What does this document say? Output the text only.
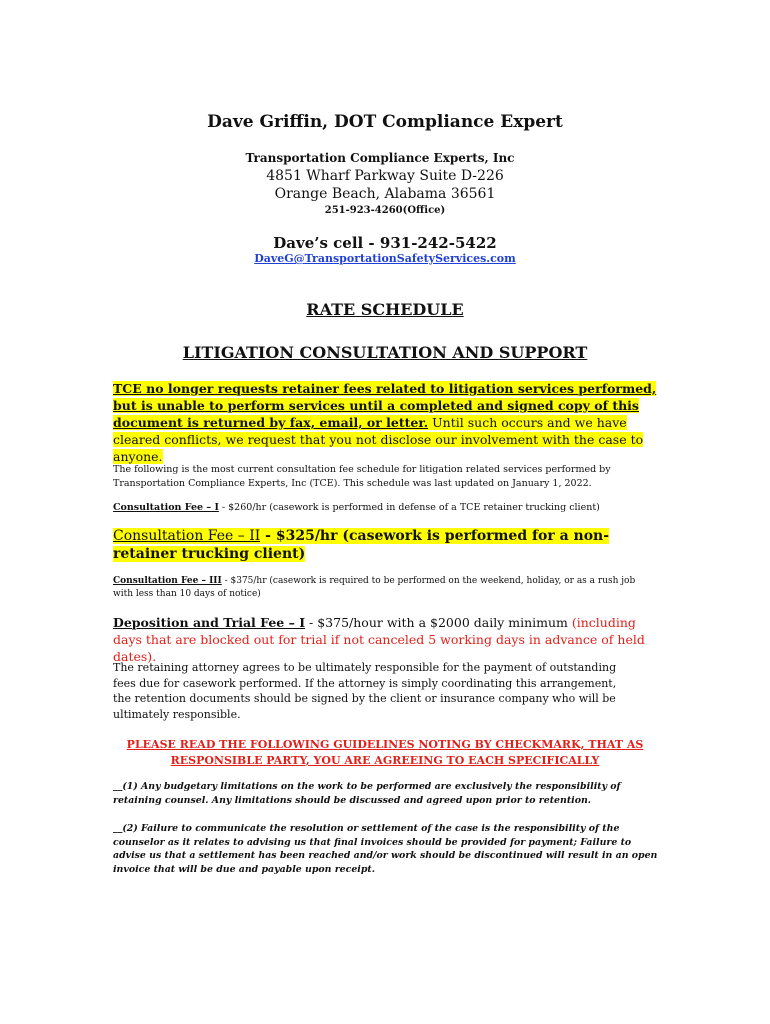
Dave Griffin, DOT Compliance Expert
Transportation Compliance Experts, Inc
4851 Wharf Parkway Suite D-226
Orange Beach, Alabama 36561
251-923-4260(Office)
Dave’s cell - 931-242-5422
DaveG@TransportationSafetyServices.com
RATE SCHEDULE
LITIGATION CONSULTATION AND SUPPORT
TCE no longer requests retainer fees related to litigation services performed, but is unable to perform services until a completed and signed copy of this document is returned by fax, email, or letter. Until such occurs and we have cleared conflicts, we request that you not disclose our involvement with the case to anyone.
The following is the most current consultation fee schedule for litigation related services performed by Transportation Compliance Experts, Inc (TCE). This schedule was last updated on January 1, 2022.
Consultation Fee – I - $260/hr (casework is performed in defense of a TCE retainer trucking client)
Consultation Fee – II - $325/hr (casework is performed for a non-retainer trucking client)
Consultation Fee – III - $375/hr (casework is required to be performed on the weekend, holiday, or as a rush job with less than 10 days of notice)
Deposition and Trial Fee – I - $375/hour with a $2000 daily minimum (including days that are blocked out for trial if not canceled 5 working days in advance of held dates).
The retaining attorney agrees to be ultimately responsible for the payment of outstanding fees due for casework performed. If the attorney is simply coordinating this arrangement, the retention documents should be signed by the client or insurance company who will be ultimately responsible.
PLEASE READ THE FOLLOWING GUIDELINES NOTING BY CHECKMARK, THAT AS RESPONSIBLE PARTY, YOU ARE AGREEING TO EACH SPECIFICALLY
__(1) Any budgetary limitations on the work to be performed are exclusively the responsibility of retaining counsel. Any limitations should be discussed and agreed upon prior to retention.
__(2) Failure to communicate the resolution or settlement of the case is the responsibility of the counselor as it relates to advising us that final invoices should be provided for payment; Failure to advise us that a settlement has been reached and/or work should be discontinued will result in an open invoice that will be due and payable upon receipt.
